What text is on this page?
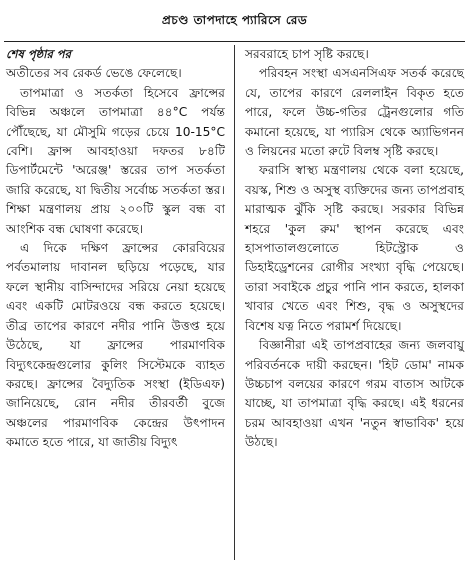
প্রচণ্ড তাপদাহে প্যারিসে রেড
শেষ পৃষ্ঠার পর

অতীতের সব রেকর্ড ভেঙে ফেলেছে।

তাপমাত্রা ও সতর্কতা হিসেবে ফ্রান্সের বিভিন্ন অঞ্চলে তাপমাত্রা ৪৪°C পর্যন্ত পৌঁছেছে, যা মৌসুমি গড়ের চেয়ে 10-15°C বেশি। ফ্রান্স আবহাওয়া দফতর ৮৪টি ডিপার্টমেন্টে 'অরেঞ্জ' স্তরের তাপ সতর্কতা জারি করেছে, যা দ্বিতীয় সর্বোচ্চ সতর্কতা স্তর। শিক্ষা মন্ত্রণালয় প্রায় ২০০টি স্কুল বন্ধ বা আংশিক বন্ধ ঘোষণা করেছে।

এ দিকে দক্ষিণ ফ্রান্সের কোরবিয়ের পর্বতমালায় দাবানল ছড়িয়ে পড়েছে, যার ফলে স্থানীয় বাসিন্দাদের সরিয়ে নেয়া হয়েছে এবং একটি মোটরওয়ে বন্ধ করতে হয়েছে। তীব্র তাপের কারণে নদীর পানি উত্তপ্ত হয়ে উঠেছে, যা ফ্রান্সের পারমাণবিক বিদ্যুৎকেন্দ্রগুলোর কুলিং সিস্টেমকে ব্যাহত করছে। ফ্রান্সের বৈদ্যুতিক সংস্থা (ইডিএফ) জানিয়েছে, রোন নদীর তীরবর্তী বুজে অঞ্চলের পারমাণবিক কেন্দ্রের উৎপাদন কমাতে হতে পারে, যা জাতীয় বিদ্যুৎ

সরবরাহে চাপ সৃষ্টি করছে।

পরিবহন সংস্থা এসএনসিএফ সতর্ক করেছে যে, তাপের কারণে রেললাইন বিকৃত হতে পারে, ফলে উচ্চ-গতির ট্রেনগুলোর গতি কমানো হয়েছে, যা প্যারিস থেকে অ্যাভিগনন ও লিয়নের মতো রুটে বিলম্ব সৃষ্টি করছে।

ফরাসি স্বাস্থ্য মন্ত্রণালয় থেকে বলা হয়েছে, বয়স্ক, শিশু ও অসুস্থ ব্যক্তিদের জন্য তাপপ্রবাহ মারাত্মক ঝুঁকি সৃষ্টি করছে। সরকার বিভিন্ন শহরে 'কুল রুম' স্থাপন করেছে এবং হাসপাতালগুলোতে হিটস্ট্রোক ও ডিহাইড্রেশনের রোগীর সংখ্যা বৃদ্ধি পেয়েছে। তারা সবাইকে প্রচুর পানি পান করতে, হালকা খাবার খেতে এবং শিশু, বৃদ্ধ ও অসুস্থদের বিশেষ যত্ন নিতে পরামর্শ দিয়েছে।

বিজ্ঞানীরা এই তাপপ্রবাহের জন্য জলবায়ু পরিবর্তনকে দায়ী করছেন। 'হিট ডোম' নামক উচ্চচাপ বলয়ের কারণে গরম বাতাস আটকে যাচ্ছে, যা তাপমাত্রা বৃদ্ধি করছে। এই ধরনের চরম আবহাওয়া এখন 'নতুন স্বাভাবিক' হয়ে উঠছে।
